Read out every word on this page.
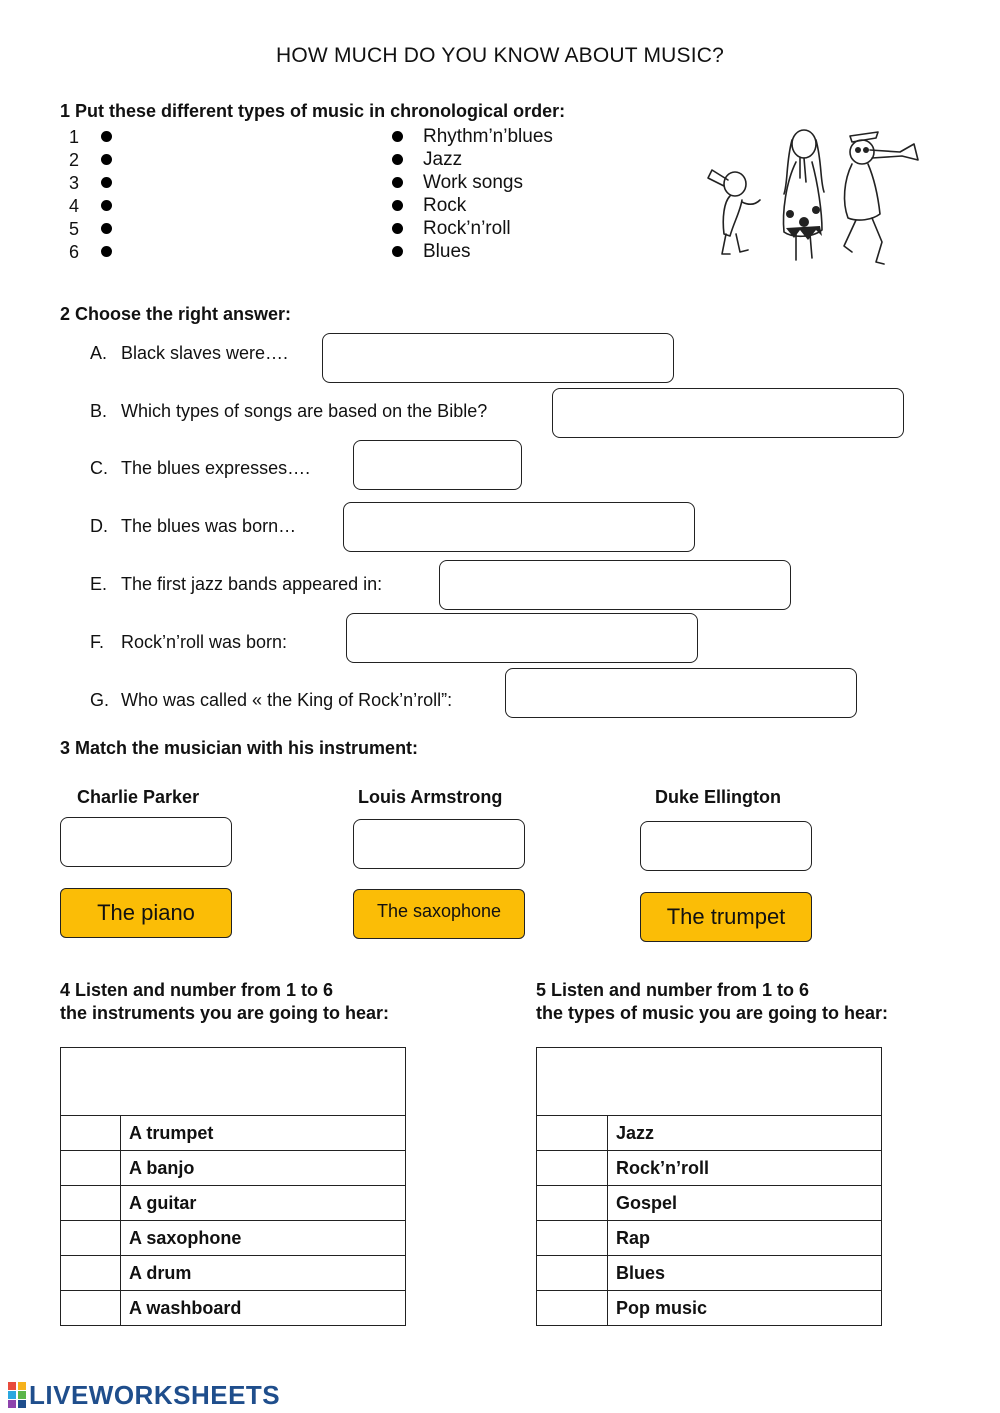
HOW MUCH DO YOU KNOW ABOUT MUSIC?
1 Put these different types of music in chronological order:
1
2
3
4
5
6
Rhythm’n’blues
Jazz
Work songs
Rock
Rock’n’roll
Blues
2 Choose the right answer:
A. Black slaves were….
B. Which types of songs are based on the Bible?
C. The blues expresses….
D. The blues was born…
E. The first jazz bands appeared in:
F. Rock’n’roll was born:
G. Who was called « the King of Rock’n’roll”:
3 Match the musician with his instrument:
Charlie Parker	Louis Armstrong	Duke Ellington
The piano	The saxophone	The trumpet
4 Listen and number from 1 to 6
the instruments you are going to hear:

	A trumpet
	A banjo
	A guitar
	A saxophone
	A drum
	A washboard
5 Listen and number from 1 to 6
the types of music you are going to hear:

	Jazz
	Rock’n’roll
	Gospel
	Rap
	Blues
	Pop music
LIVEWORKSHEETS
